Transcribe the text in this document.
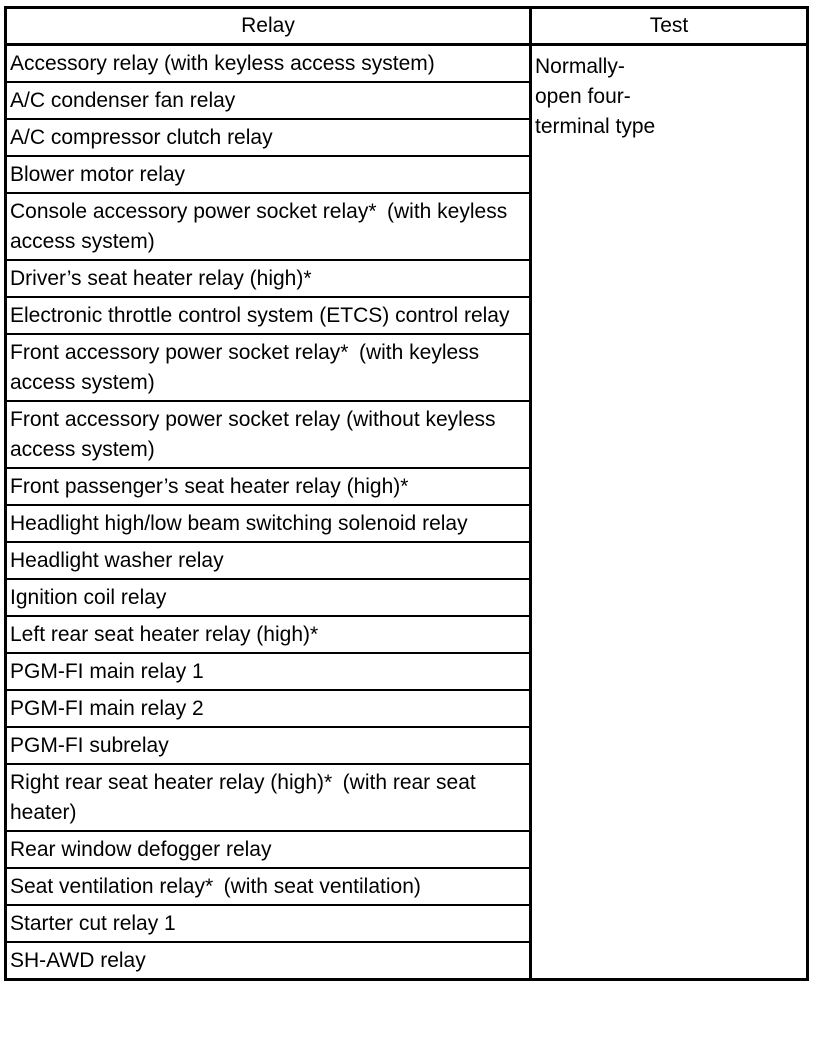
Relay	Test
Accessory relay (with keyless access system)	Normally-
open four-
terminal type

A/C condenser fan relay	
A/C compressor clutch relay	
Blower motor relay	
Console accessory power socket relay* (with keyless access system)	
Driver’s seat heater relay (high)*	
Electronic throttle control system (ETCS) control relay	
Front accessory power socket relay* (with keyless access system)	
Front accessory power socket relay (without keyless access system)	
Front passenger’s seat heater relay (high)*	
Headlight high/low beam switching solenoid relay	
Headlight washer relay	
Ignition coil relay	
Left rear seat heater relay (high)*	
PGM-FI main relay 1	
PGM-FI main relay 2	
PGM-FI subrelay	
Right rear seat heater relay (high)* (with rear seat heater)	
Rear window defogger relay	
Seat ventilation relay* (with seat ventilation)	
Starter cut relay 1	
SH-AWD relay	
